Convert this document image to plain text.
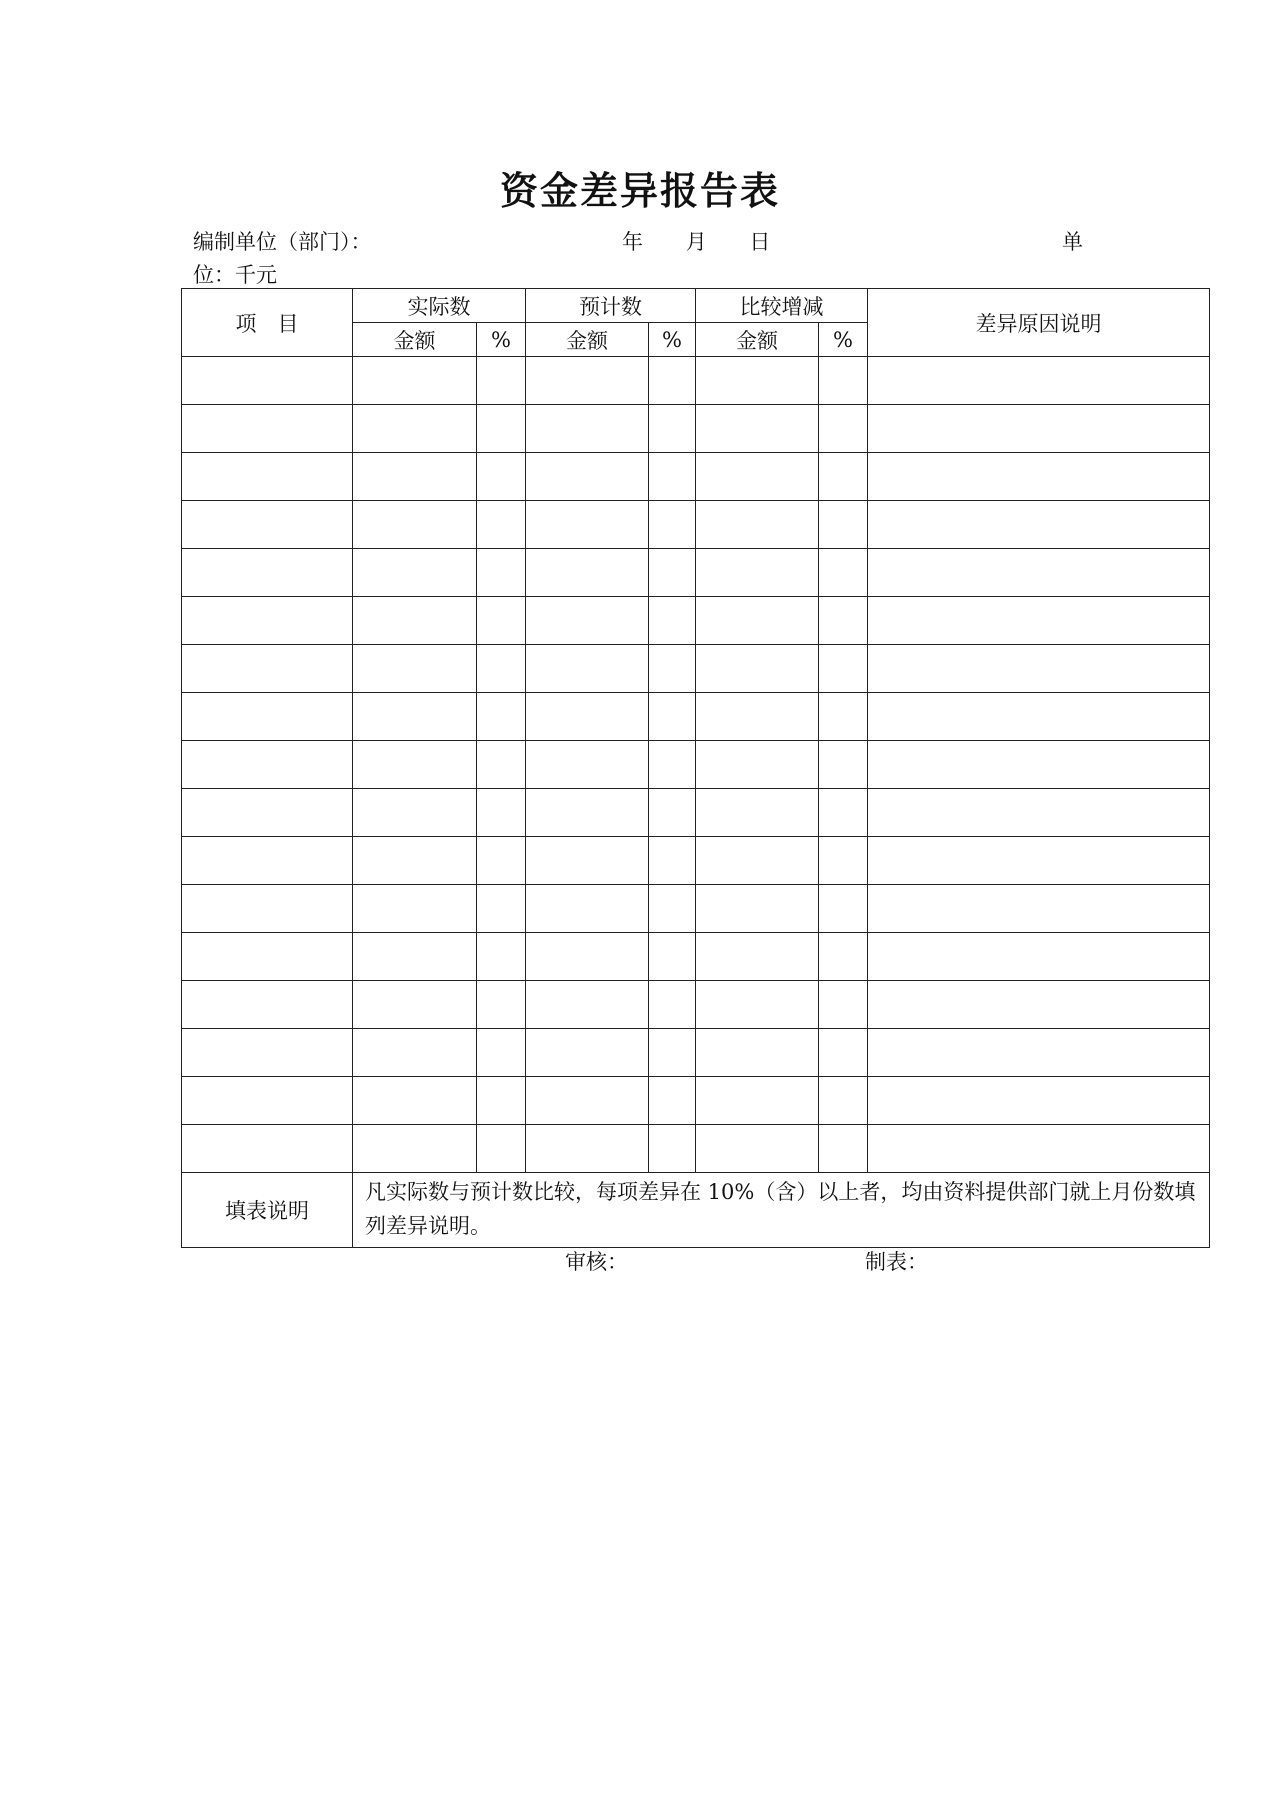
资金差异报告表
编制单位（部门）：	年 月 日	单
位：千元
项　目	实际数		预计数		比较增减		差异原因说明
	金额	%	金额	%	金额	%	

填表说明	凡实际数与预计数比较，每项差异在 10%（含）以上者，均由资料提供部门就上月份数填列差异说明。						
审核：	制表：
